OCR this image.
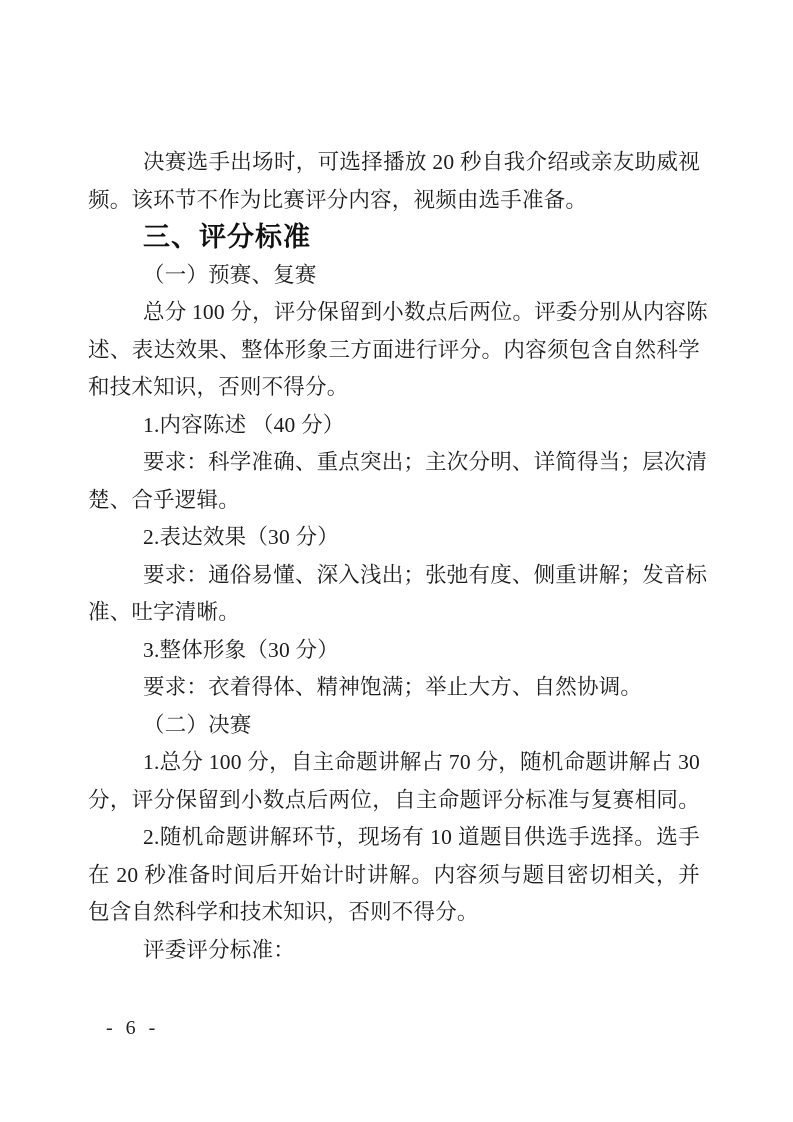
决赛选手出场时，可选择播放 20 秒自我介绍或亲友助威视
频。该环节不作为比赛评分内容，视频由选手准备。
三、评分标准
（一）预赛、复赛
总分 100 分，评分保留到小数点后两位。评委分别从内容陈
述、表达效果、整体形象三方面进行评分。内容须包含自然科学
和技术知识，否则不得分。
1.内容陈述 （40 分）
要求：科学准确、重点突出；主次分明、详简得当；层次清
楚、合乎逻辑。
2.表达效果（30 分）
要求：通俗易懂、深入浅出；张弛有度、侧重讲解；发音标
准、吐字清晰。
3.整体形象（30 分）
要求：衣着得体、精神饱满；举止大方、自然协调。
（二）决赛
1.总分 100 分，自主命题讲解占 70 分，随机命题讲解占 30
分，评分保留到小数点后两位，自主命题评分标准与复赛相同。
2.随机命题讲解环节，现场有 10 道题目供选手选择。选手
在 20 秒准备时间后开始计时讲解。内容须与题目密切相关，并
包含自然科学和技术知识，否则不得分。
评委评分标准：
- 6 -
